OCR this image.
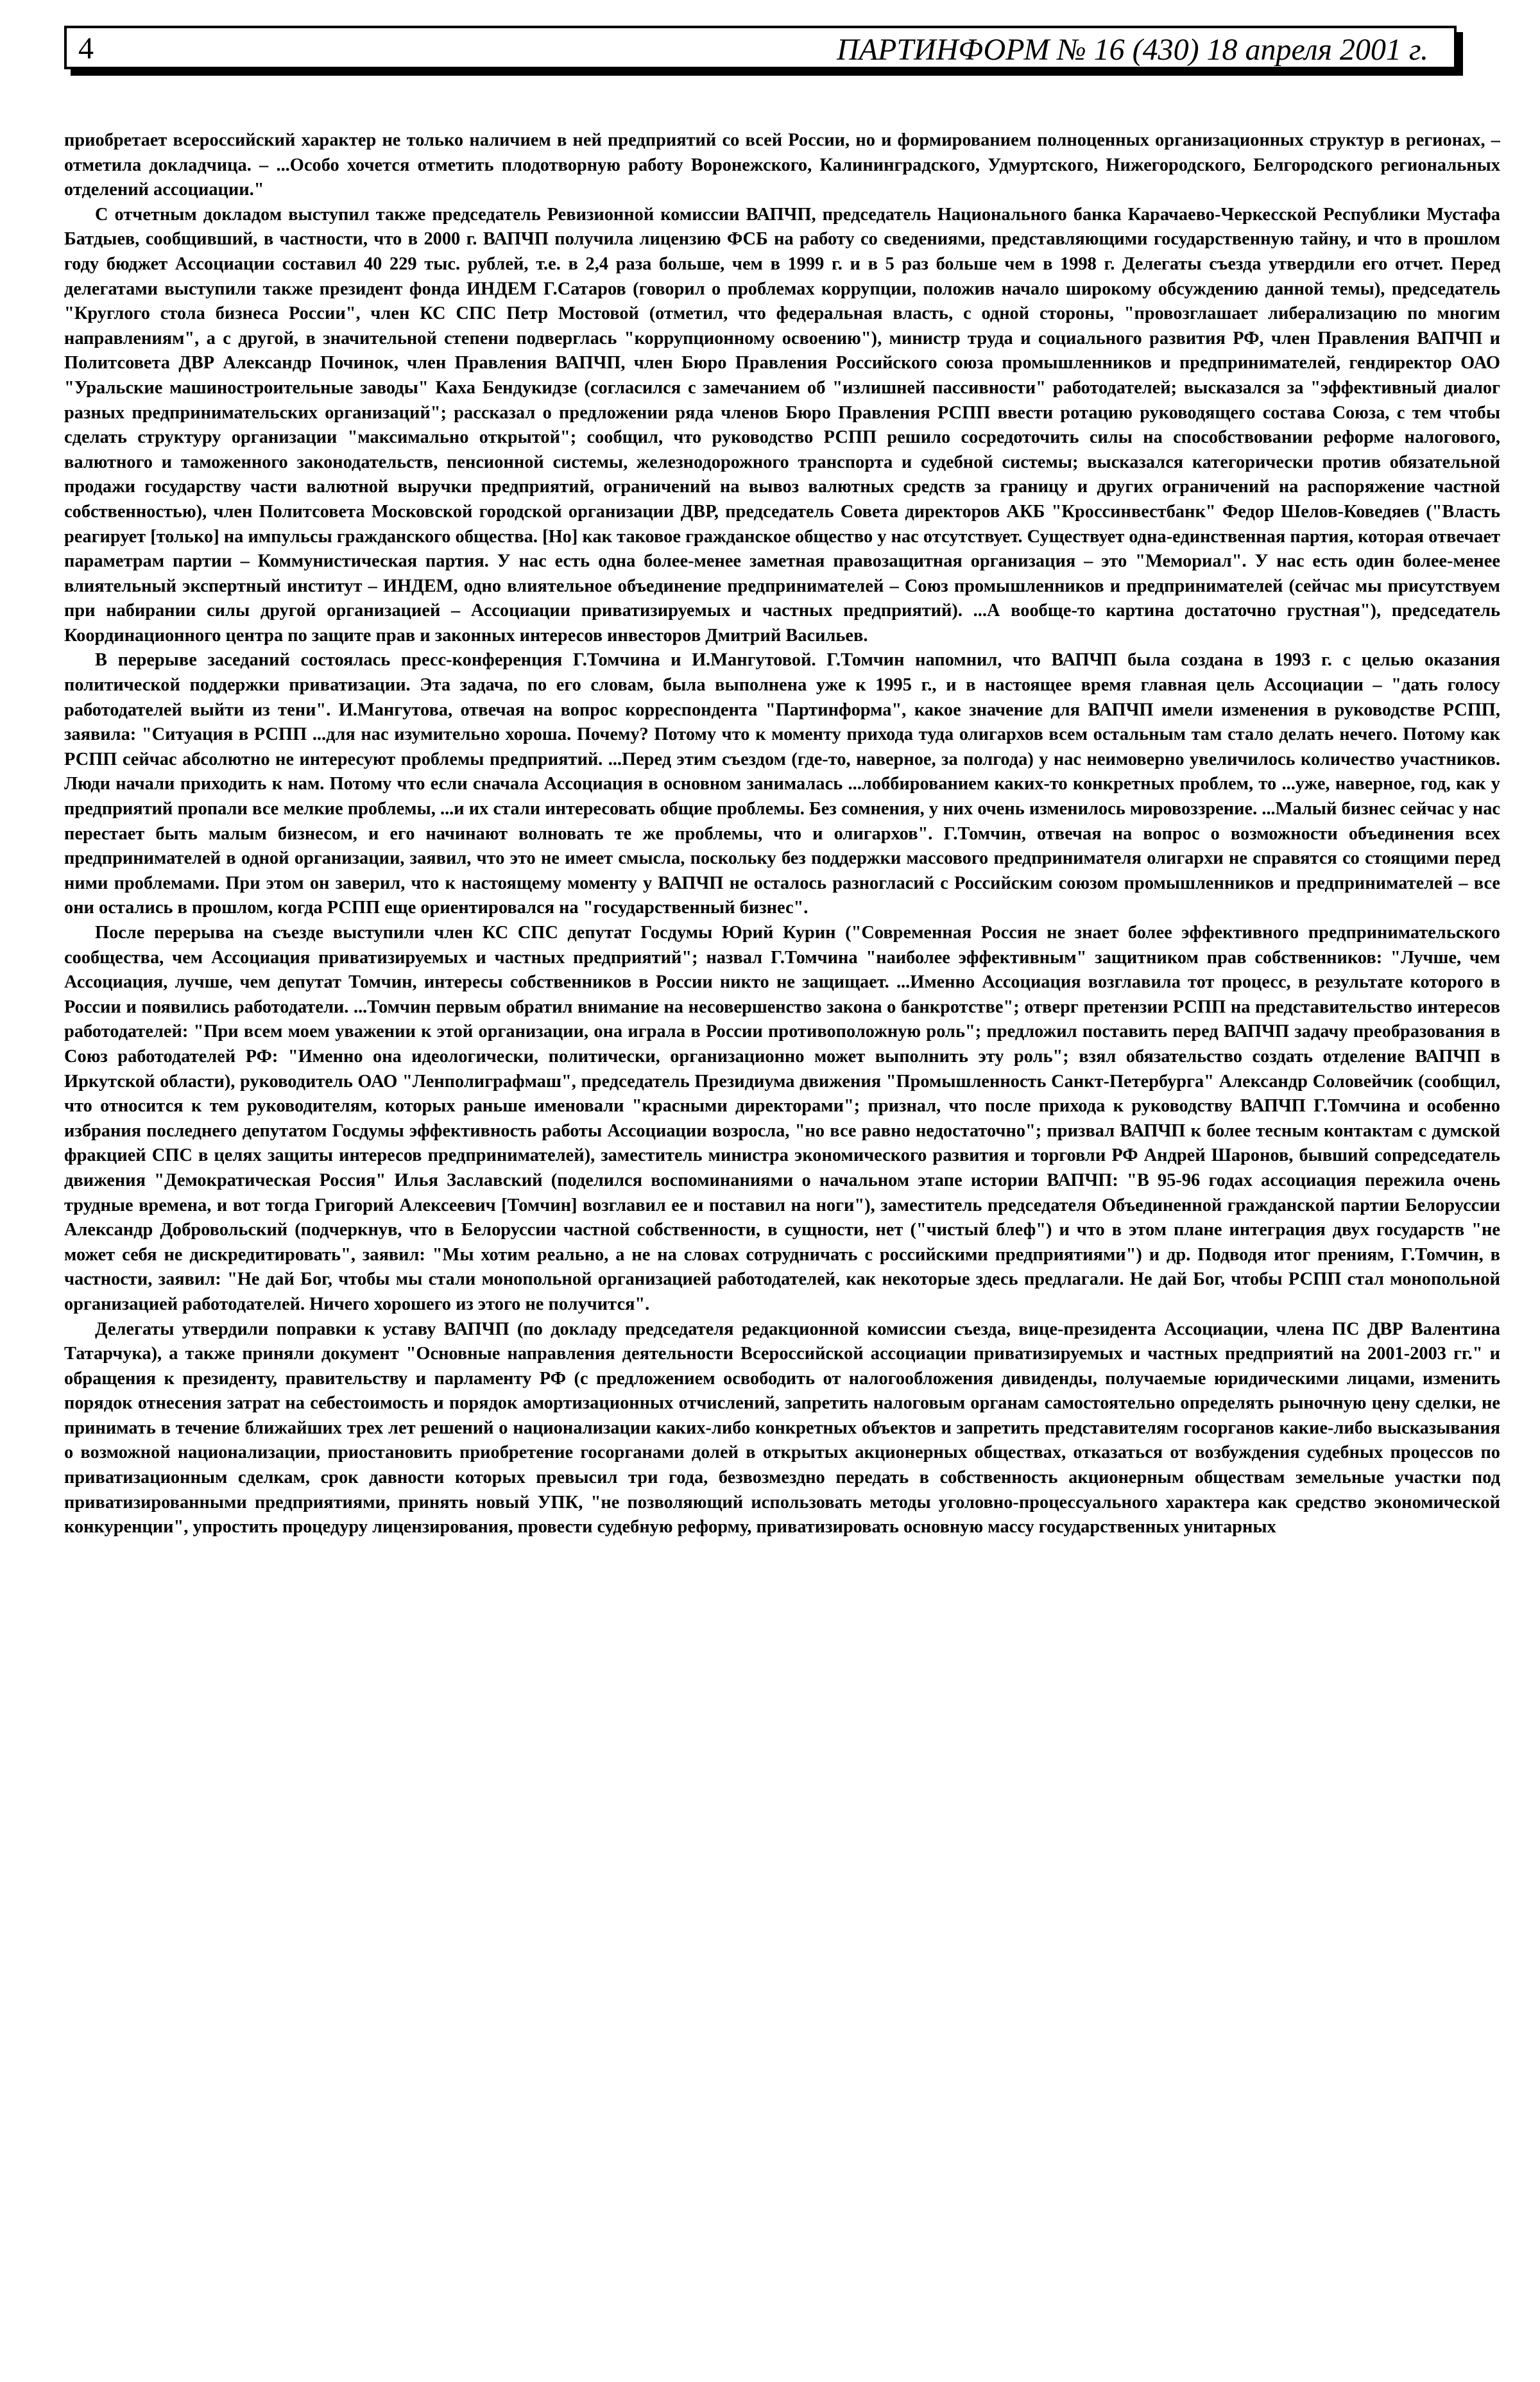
4	ПАРТИНФОРМ № 16 (430) 18 апреля 2001 г.

приобретает всероссийский характер не только наличием в ней предприятий со всей России, но и формированием полноценных организационных структур в регионах, – отметила докладчица. – ...Особо хочется отметить плодотворную работу Воронежского, Калининградского, Удмуртского, Нижегородского, Белгородского региональных отделений ассоциации."

С отчетным докладом выступил также председатель Ревизионной комиссии ВАПЧП, председатель Национального банка Карачаево-Черкесской Республики Мустафа Батдыев, сообщивший, в частности, что в 2000 г. ВАПЧП получила лицензию ФСБ на работу со сведениями, представляющими государственную тайну, и что в прошлом году бюджет Ассоциации составил 40 229 тыс. рублей, т.е. в 2,4 раза больше, чем в 1999 г. и в 5 раз больше чем в 1998 г. Делегаты съезда утвердили его отчет. Перед делегатами выступили также президент фонда ИНДЕМ Г.Сатаров (говорил о проблемах коррупции, положив начало широкому обсуждению данной темы), председатель "Круглого стола бизнеса России", член КС СПС Петр Мостовой (отметил, что федеральная власть, с одной стороны, "провозглашает либерализацию по многим направлениям", а с другой, в значительной степени подверглась "коррупционному освоению"), министр труда и социального развития РФ, член Правления ВАПЧП и Политсовета ДВР Александр Починок, член Правления ВАПЧП, член Бюро Правления Российского союза промышленников и предпринимателей, гендиректор ОАО "Уральские машиностроительные заводы" Каха Бендукидзе (согласился с замечанием об "излишней пассивности" работодателей; высказался за "эффективный диалог разных предпринимательских организаций"; рассказал о предложении ряда членов Бюро Правления РСПП ввести ротацию руководящего состава Союза, с тем чтобы сделать структуру организации "максимально открытой"; сообщил, что руководство РСПП решило сосредоточить силы на способствовании реформе налогового, валютного и таможенного законодательств, пенсионной системы, железнодорожного транспорта и судебной системы; высказался категорически против обязательной продажи государству части валютной выручки предприятий, ограничений на вывоз валютных средств за границу и других ограничений на распоряжение частной собственностью), член Политсовета Московской городской организации ДВР, председатель Совета директоров АКБ "Кроссинвестбанк" Федор Шелов-Коведяев ("Власть реагирует [только] на импульсы гражданского общества. [Но] как таковое гражданское общество у нас отсутствует. Существует одна-единственная партия, которая отвечает параметрам партии – Коммунистическая партия. У нас есть одна более-менее заметная правозащитная организация – это "Мемориал". У нас есть один более-менее влиятельный экспертный институт – ИНДЕМ, одно влиятельное объединение предпринимателей – Союз промышленников и предпринимателей (сейчас мы присутствуем при набирании силы другой организацией – Ассоциации приватизируемых и частных предприятий). ...А вообще-то картина достаточно грустная"), председатель Координационного центра по защите прав и законных интересов инвесторов Дмитрий Васильев.

В перерыве заседаний состоялась пресс-конференция Г.Томчина и И.Мангутовой. Г.Томчин напомнил, что ВАПЧП была создана в 1993 г. с целью оказания политической поддержки приватизации. Эта задача, по его словам, была выполнена уже к 1995 г., и в настоящее время главная цель Ассоциации – "дать голосу работодателей выйти из тени". И.Мангутова, отвечая на вопрос корреспондента "Партинформа", какое значение для ВАПЧП имели изменения в руководстве РСПП, заявила: "Ситуация в РСПП ...для нас изумительно хороша. Почему? Потому что к моменту прихода туда олигархов всем остальным там стало делать нечего. Потому как РСПП сейчас абсолютно не интересуют проблемы предприятий. ...Перед этим съездом (где-то, наверное, за полгода) у нас неимоверно увеличилось количество участников. Люди начали приходить к нам. Потому что если сначала Ассоциация в основном занималась ...лоббированием каких-то конкретных проблем, то ...уже, наверное, год, как у предприятий пропали все мелкие проблемы, ...и их стали интересовать общие проблемы. Без сомнения, у них очень изменилось мировоззрение. ...Малый бизнес сейчас у нас перестает быть малым бизнесом, и его начинают волновать те же проблемы, что и олигархов". Г.Томчин, отвечая на вопрос о возможности объединения всех предпринимателей в одной организации, заявил, что это не имеет смысла, поскольку без поддержки массового предпринимателя олигархи не справятся со стоящими перед ними проблемами. При этом он заверил, что к настоящему моменту у ВАПЧП не осталось разногласий с Российским союзом промышленников и предпринимателей – все они остались в прошлом, когда РСПП еще ориентировался на "государственный бизнес".

После перерыва на съезде выступили член КС СПС депутат Госдумы Юрий Курин ("Современная Россия не знает более эффективного предпринимательского сообщества, чем Ассоциация приватизируемых и частных предприятий"; назвал Г.Томчина "наиболее эффективным" защитником прав собственников: "Лучше, чем Ассоциация, лучше, чем депутат Томчин, интересы собственников в России никто не защищает. ...Именно Ассоциация возглавила тот процесс, в результате которого в России и появились работодатели. ...Томчин первым обратил внимание на несовершенство закона о банкротстве"; отверг претензии РСПП на представительство интересов работодателей: "При всем моем уважении к этой организации, она играла в России противоположную роль"; предложил поставить перед ВАПЧП задачу преобразования в Союз работодателей РФ: "Именно она идеологически, политически, организационно может выполнить эту роль"; взял обязательство создать отделение ВАПЧП в Иркутской области), руководитель ОАО "Ленполиграфмаш", председатель Президиума движения "Промышленность Санкт-Петербурга" Александр Соловейчик (сообщил, что относится к тем руководителям, которых раньше именовали "красными директорами"; признал, что после прихода к руководству ВАПЧП Г.Томчина и особенно избрания последнего депутатом Госдумы эффективность работы Ассоциации возросла, "но все равно недостаточно"; призвал ВАПЧП к более тесным контактам с думской фракцией СПС в целях защиты интересов предпринимателей), заместитель министра экономического развития и торговли РФ Андрей Шаронов, бывший сопредседатель движения "Демократическая Россия" Илья Заславский (поделился воспоминаниями о начальном этапе истории ВАПЧП: "В 95-96 годах ассоциация пережила очень трудные времена, и вот тогда Григорий Алексеевич [Томчин] возглавил ее и поставил на ноги"), заместитель председателя Объединенной гражданской партии Белоруссии Александр Добровольский (подчеркнув, что в Белоруссии частной собственности, в сущности, нет ("чистый блеф") и что в этом плане интеграция двух государств "не может себя не дискредитировать", заявил: "Мы хотим реально, а не на словах сотрудничать с российскими предприятиями") и др. Подводя итог прениям, Г.Томчин, в частности, заявил: "Не дай Бог, чтобы мы стали монопольной организацией работодателей, как некоторые здесь предлагали. Не дай Бог, чтобы РСПП стал монопольной организацией работодателей. Ничего хорошего из этого не получится".

Делегаты утвердили поправки к уставу ВАПЧП (по докладу председателя редакционной комиссии съезда, вице-президента Ассоциации, члена ПС ДВР Валентина Татарчука), а также приняли документ "Основные направления деятельности Всероссийской ассоциации приватизируемых и частных предприятий на 2001-2003 гг." и обращения к президенту, правительству и парламенту РФ (с предложением освободить от налогообложения дивиденды, получаемые юридическими лицами, изменить порядок отнесения затрат на себестоимость и порядок амортизационных отчислений, запретить налоговым органам самостоятельно определять рыночную цену сделки, не принимать в течение ближайших трех лет решений о национализации каких-либо конкретных объектов и запретить представителям госорганов какие-либо высказывания о возможной национализации, приостановить приобретение госорганами долей в открытых акционерных обществах, отказаться от возбуждения судебных процессов по приватизационным сделкам, срок давности которых превысил три года, безвозмездно передать в собственность акционерным обществам земельные участки под приватизированными предприятиями, принять новый УПК, "не позволяющий использовать методы уголовно-процессуального характера как средство экономической конкуренции", упростить процедуру лицензирования, провести судебную реформу, приватизировать основную массу государственных унитарных
